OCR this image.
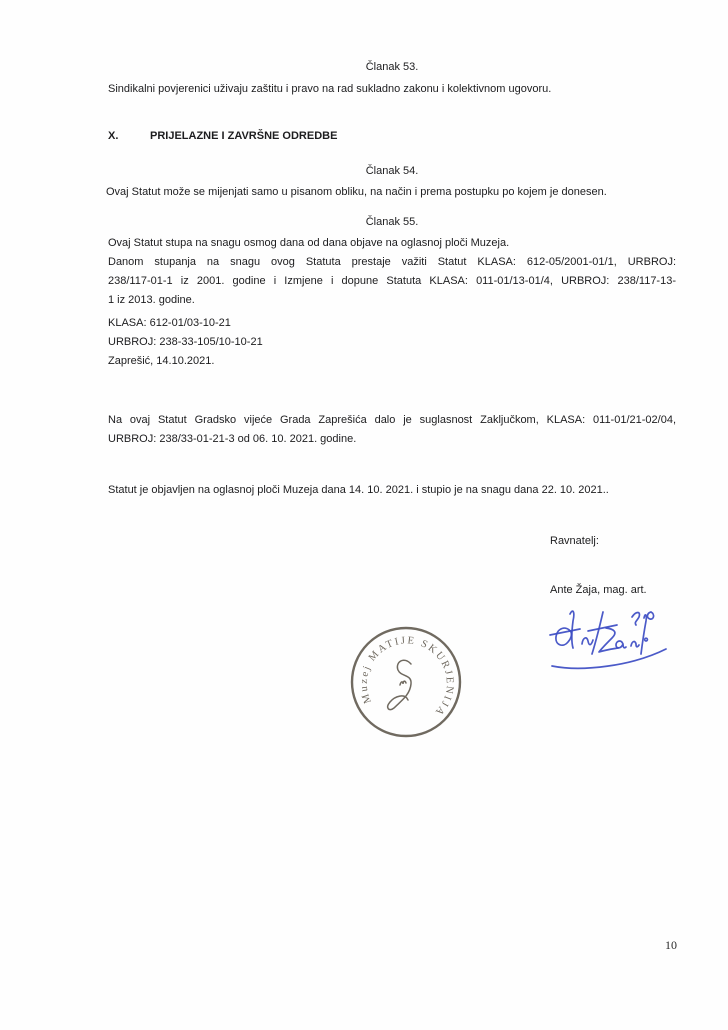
Članak 53.
Sindikalni povjerenici uživaju zaštitu i pravo na rad sukladno zakonu i kolektivnom ugovoru.
X.	PRIJELAZNE I ZAVRŠNE ODREDBE
Članak 54.
Ovaj Statut može se mijenjati samo u pisanom obliku, na način i prema postupku po kojem je donesen.
Članak 55.
Ovaj Statut stupa na snagu osmog dana od dana objave na oglasnoj ploči Muzeja.
Danom stupanja na snagu ovog Statuta prestaje važiti Statut KLASA: 612-05/2001-01/1, URBROJ:
238/117-01-1 iz 2001. godine i Izmjene i dopune Statuta KLASA: 011-01/13-01/4, URBROJ: 238/117-13-
1 iz 2013. godine.
KLASA: 612-01/03-10-21
URBROJ: 238-33-105/10-10-21
Zaprešić, 14.10.2021.
Na ovaj Statut Gradsko vijeće Grada Zaprešića dalo je suglasnost Zaključkom, KLASA: 011-01/21-02/04,
URBROJ: 238/33-01-21-3 od 06. 10. 2021. godine.
Statut je objavljen na oglasnoj ploči Muzeja dana 14. 10. 2021. i stupio je na snagu dana 22. 10. 2021..
Ravnatelj:
Ante Žaja, mag. art.
Muzej MATIJE SKURJENIJA
10
